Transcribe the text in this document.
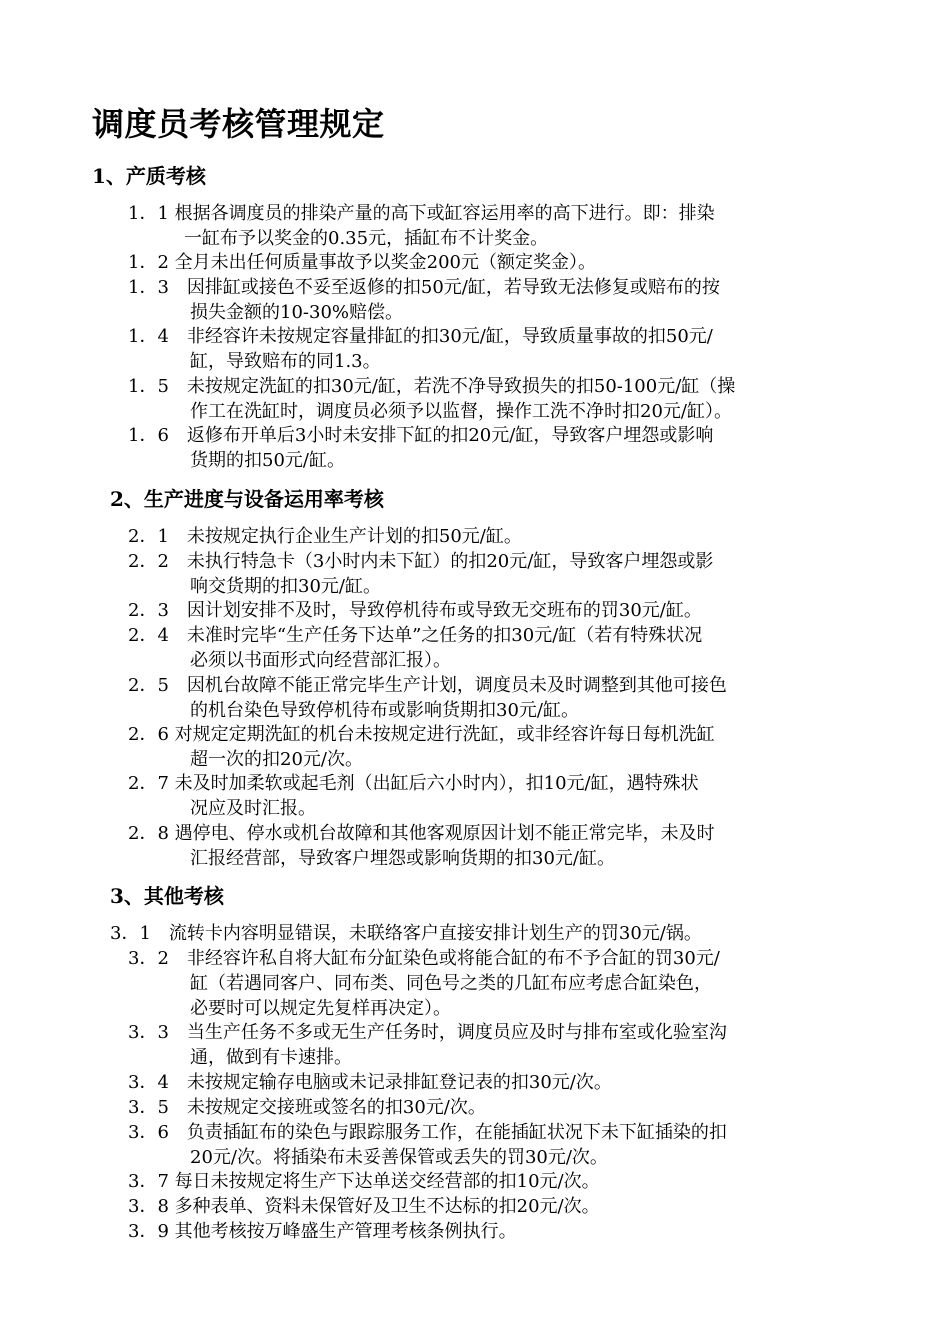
调度员考核管理规定
1、产质考核
1．1 根据各调度员的排染产量的高下或缸容运用率的高下进行。即：排染
一缸布予以奖金的0.35元，插缸布不计奖金。
1．2 全月未出任何质量事故予以奖金200元（额定奖金）。
1．3　因排缸或接色不妥至返修的扣50元/缸，若导致无法修复或赔布的按
损失金额的10-30%赔偿。
1．4　非经容许未按规定容量排缸的扣30元/缸，导致质量事故的扣50元/
缸，导致赔布的同1.3。
1．5　未按规定洗缸的扣30元/缸，若洗不净导致损失的扣50-100元/缸（操
作工在洗缸时，调度员必须予以监督，操作工洗不净时扣20元/缸）。
1．6　返修布开单后3小时未安排下缸的扣20元/缸，导致客户埋怨或影响
货期的扣50元/缸。
2、生产进度与设备运用率考核
2．1　未按规定执行企业生产计划的扣50元/缸。
2．2　未执行特急卡（3小时内未下缸）的扣20元/缸，导致客户埋怨或影
响交货期的扣30元/缸。
2．3　因计划安排不及时，导致停机待布或导致无交班布的罚30元/缸。
2．4　未准时完毕“生产任务下达单”之任务的扣30元/缸（若有特殊状况
必须以书面形式向经营部汇报）。
2．5　因机台故障不能正常完毕生产计划，调度员未及时调整到其他可接色
的机台染色导致停机待布或影响货期扣30元/缸。
2．6 对规定定期洗缸的机台未按规定进行洗缸，或非经容许每日每机洗缸
超一次的扣20元/次。
2．7 未及时加柔软或起毛剂（出缸后六小时内），扣10元/缸，遇特殊状
况应及时汇报。
2．8 遇停电、停水或机台故障和其他客观原因计划不能正常完毕，未及时
汇报经营部，导致客户埋怨或影响货期的扣30元/缸。
3、其他考核
3．1　流转卡内容明显错误，未联络客户直接安排计划生产的罚30元/锅。
3．2　非经容许私自将大缸布分缸染色或将能合缸的布不予合缸的罚30元/
缸（若遇同客户、同布类、同色号之类的几缸布应考虑合缸染色，
必要时可以规定先复样再决定）。
3．3　当生产任务不多或无生产任务时，调度员应及时与排布室或化验室沟
通，做到有卡速排。
3．4　未按规定输存电脑或未记录排缸登记表的扣30元/次。
3．5　未按规定交接班或签名的扣30元/次。
3．6　负责插缸布的染色与跟踪服务工作，在能插缸状况下未下缸插染的扣
20元/次。将插染布未妥善保管或丢失的罚30元/次。
3．7 每日未按规定将生产下达单送交经营部的扣10元/次。
3．8 多种表单、资料未保管好及卫生不达标的扣20元/次。
3．9 其他考核按万峰盛生产管理考核条例执行。
